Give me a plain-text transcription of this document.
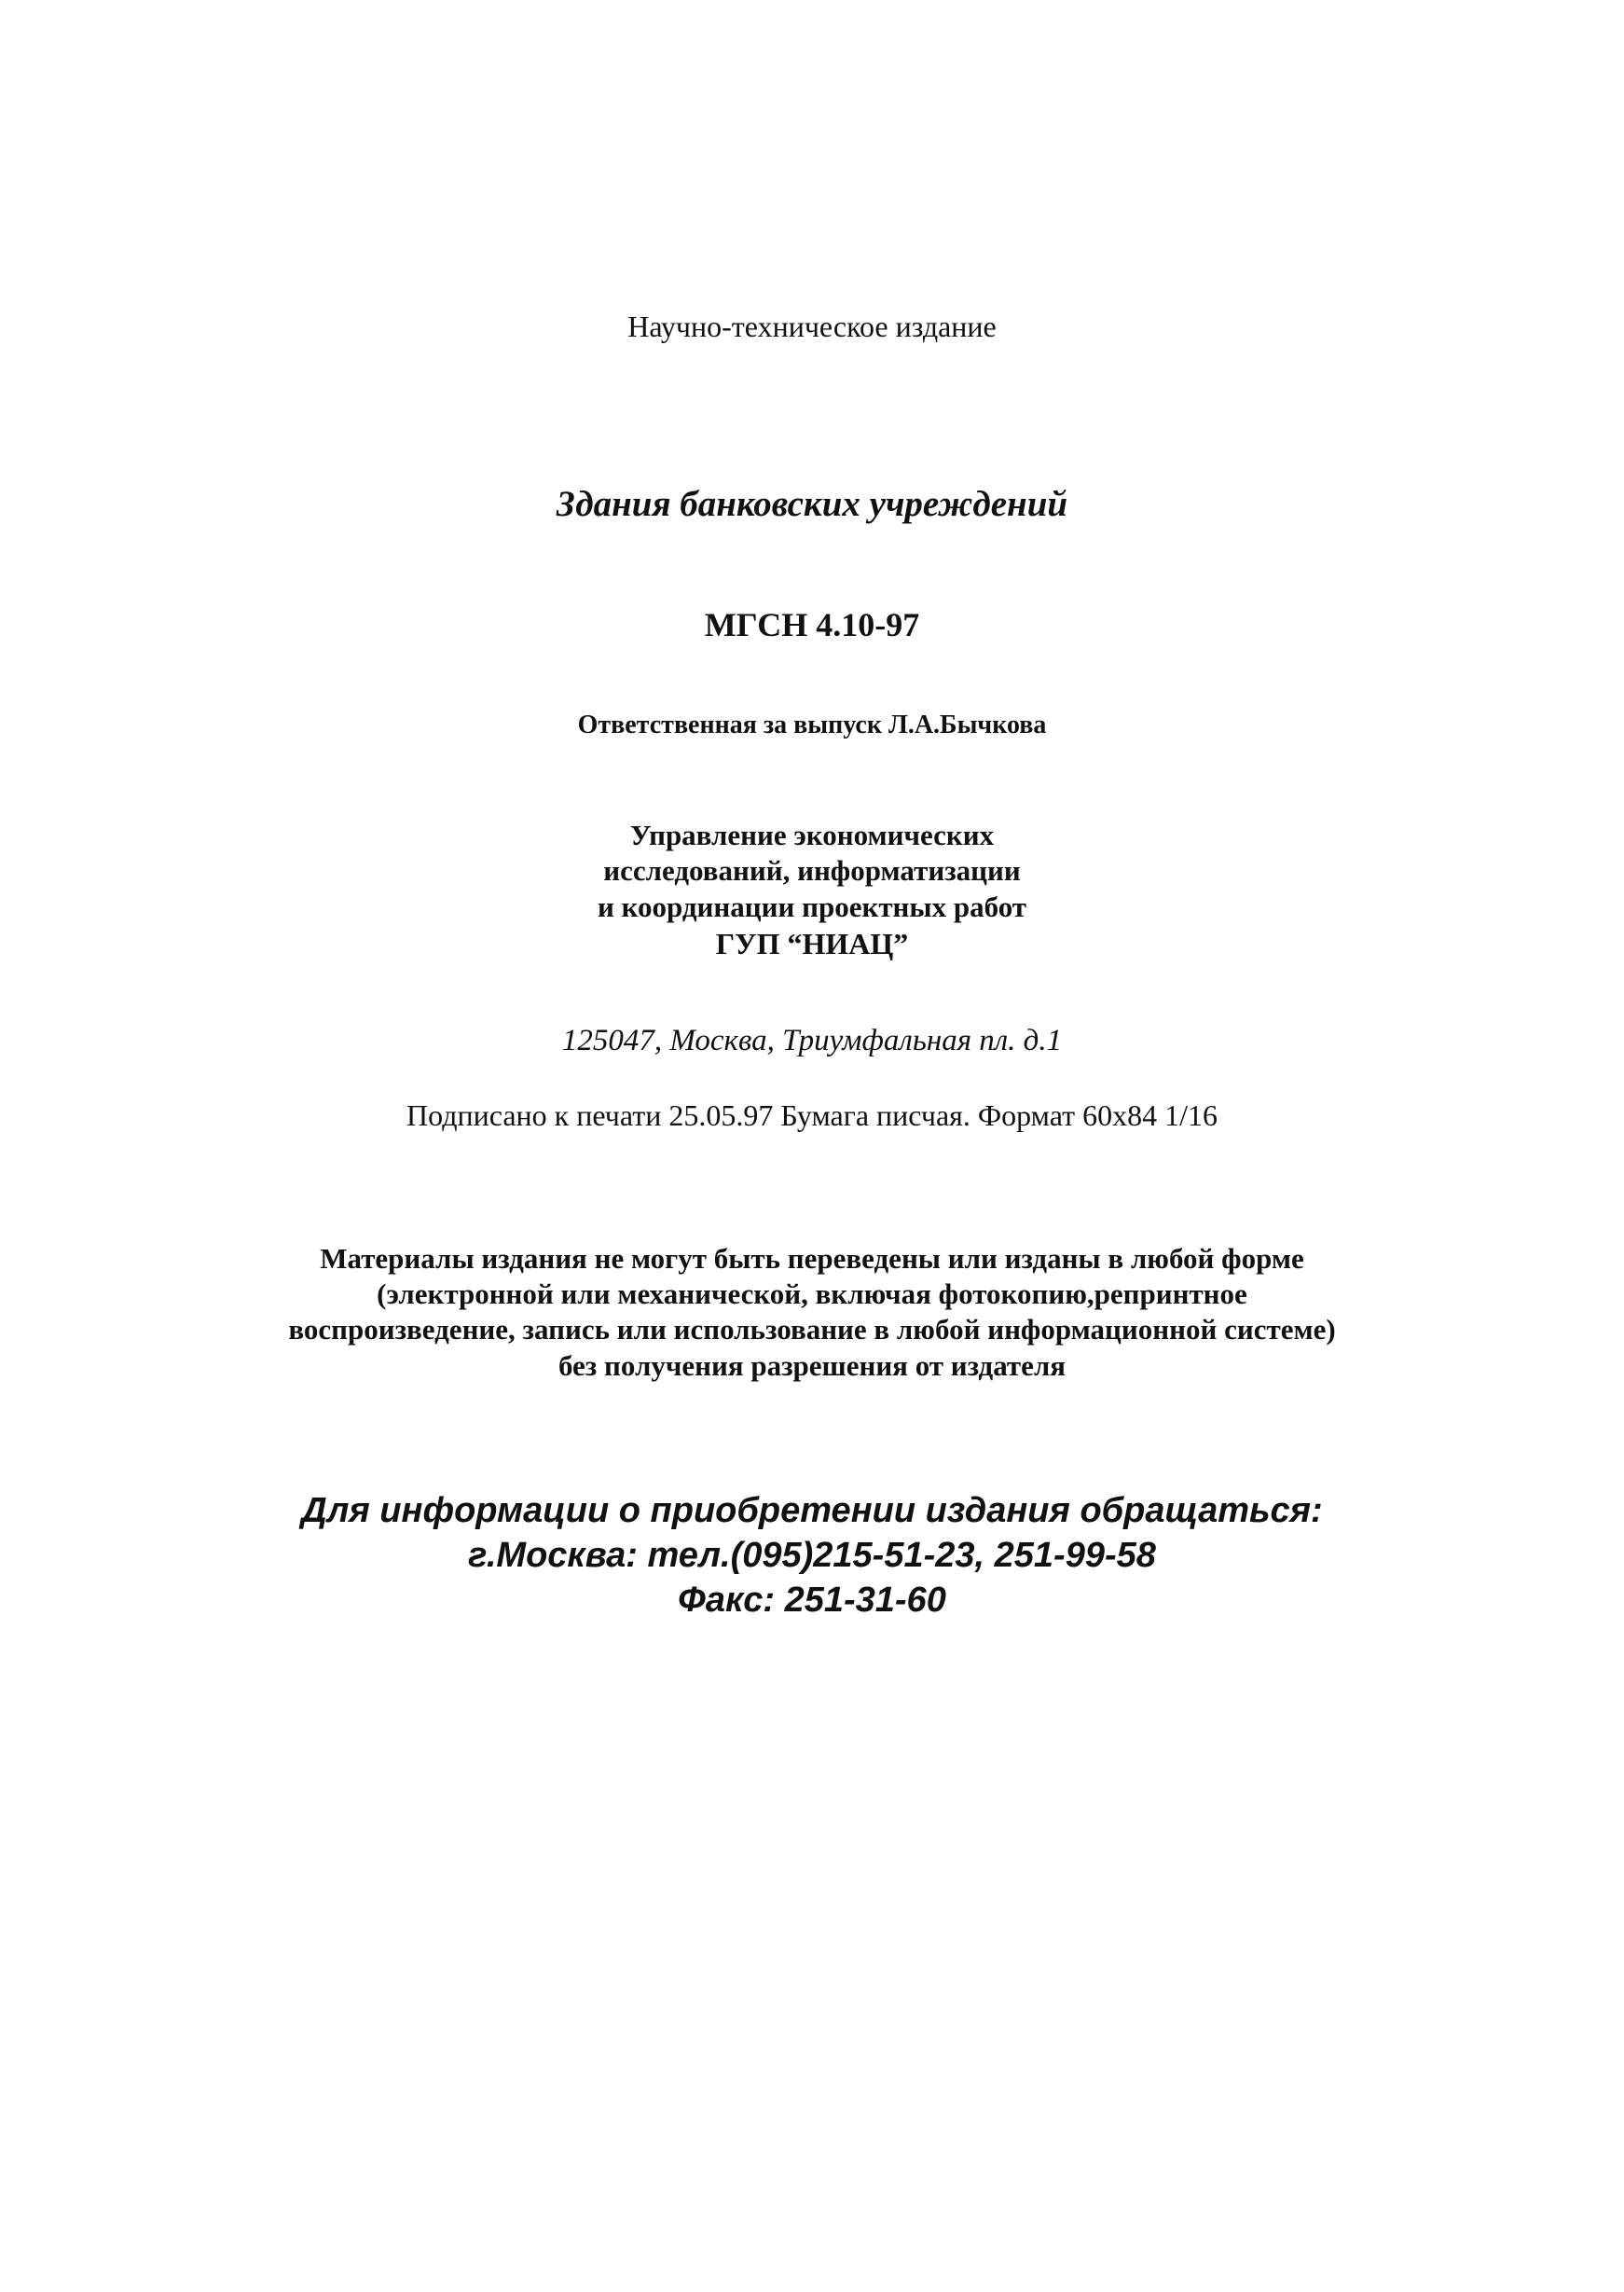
Научно-техническое издание
Здания банковских учреждений
МГСН 4.10-97
Ответственная за выпуск Л.А.Бычкова
Управление экономических
исследований, информатизации
и координации проектных работ
ГУП “НИАЦ”
125047, Москва, Триумфальная пл. д.1
Подписано к печати 25.05.97 Бумага писчая. Формат 60x84 1/16
Материалы издания не могут быть переведены или изданы в любой форме
(электронной или механической, включая фотокопию,репринтное
воспроизведение, запись или использование в любой информационной системе)
без получения разрешения от издателя
Для информации о приобретении издания обращаться:
г.Москва: тел.(095)215-51-23, 251-99-58
Факс: 251-31-60
